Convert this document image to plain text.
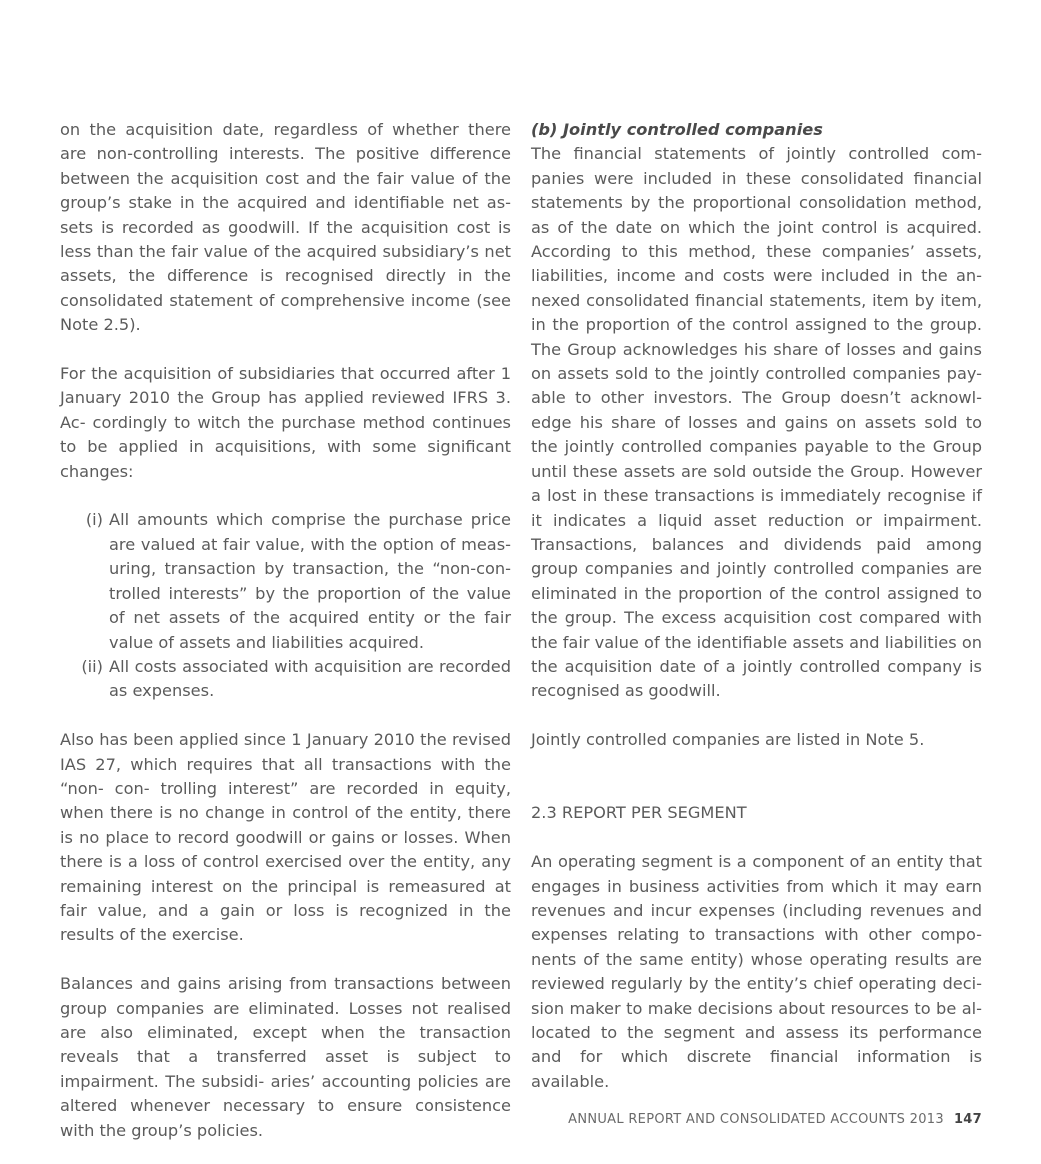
on the acquisition date, regardless of whether there are non-controlling interests. The positive difference between the acquisition cost and the fair value of the group’s stake in the acquired and identifiable net as- sets is recorded as goodwill. If the acquisition cost is less than the fair value of the acquired subsidiary’s net assets, the difference is recognised directly in the consolidated statement of comprehensive income (see Note 2.5).

For the acquisition of subsidiaries that occurred after 1 January 2010 the Group has applied reviewed IFRS 3. Ac- cordingly to witch the purchase method continues to be applied in acquisitions, with some significant changes:

(i) All amounts which comprise the purchase price are valued at fair value, with the option of meas- uring, transaction by transaction, the “non-con- trolled interests” by the proportion of the value of net assets of the acquired entity or the fair value of assets and liabilities acquired.
(ii) All costs associated with acquisition are recorded as expenses.

Also has been applied since 1 January 2010 the revised IAS 27, which requires that all transactions with the “non- con- trolling interest” are recorded in equity, when there is no change in control of the entity, there is no place to record goodwill or gains or losses. When there is a loss of control exercised over the entity, any remaining interest on the principal is remeasured at fair value, and a gain or loss is recognized in the results of the exercise.

Balances and gains arising from transactions between group companies are eliminated. Losses not realised are also eliminated, except when the transaction reveals that a transferred asset is subject to impairment. The subsidi- aries’ accounting policies are altered whenever necessary to ensure consistence with the group’s policies.

(b) Jointly controlled companies

The financial statements of jointly controlled com- panies were included in these consolidated financial statements by the proportional consolidation method, as of the date on which the joint control is acquired. According to this method, these companies’ assets, liabilities, income and costs were included in the an- nexed consolidated financial statements, item by item, in the proportion of the control assigned to the group. The Group acknowledges his share of losses and gains on assets sold to the jointly controlled companies pay- able to other investors. The Group doesn’t acknowl- edge his share of losses and gains on assets sold to the jointly controlled companies payable to the Group until these assets are sold outside the Group. However a lost in these transactions is immediately recognise if it indicates a liquid asset reduction or impairment. Transactions, balances and dividends paid among group companies and jointly controlled companies are eliminated in the proportion of the control assigned to the group. The excess acquisition cost compared with the fair value of the identifiable assets and liabilities on the acquisition date of a jointly controlled company is recognised as goodwill.

Jointly controlled companies are listed in Note 5.

2.3 REPORT PER SEGMENT

An operating segment is a component of an entity that engages in business activities from which it may earn revenues and incur expenses (including revenues and expenses relating to transactions with other compo- nents of the same entity) whose operating results are reviewed regularly by the entity’s chief operating deci- sion maker to make decisions about resources to be al- located to the segment and assess its performance and for which discrete financial information is available.

ANNUAL REPORT AND CONSOLIDATED ACCOUNTS 2013 147
